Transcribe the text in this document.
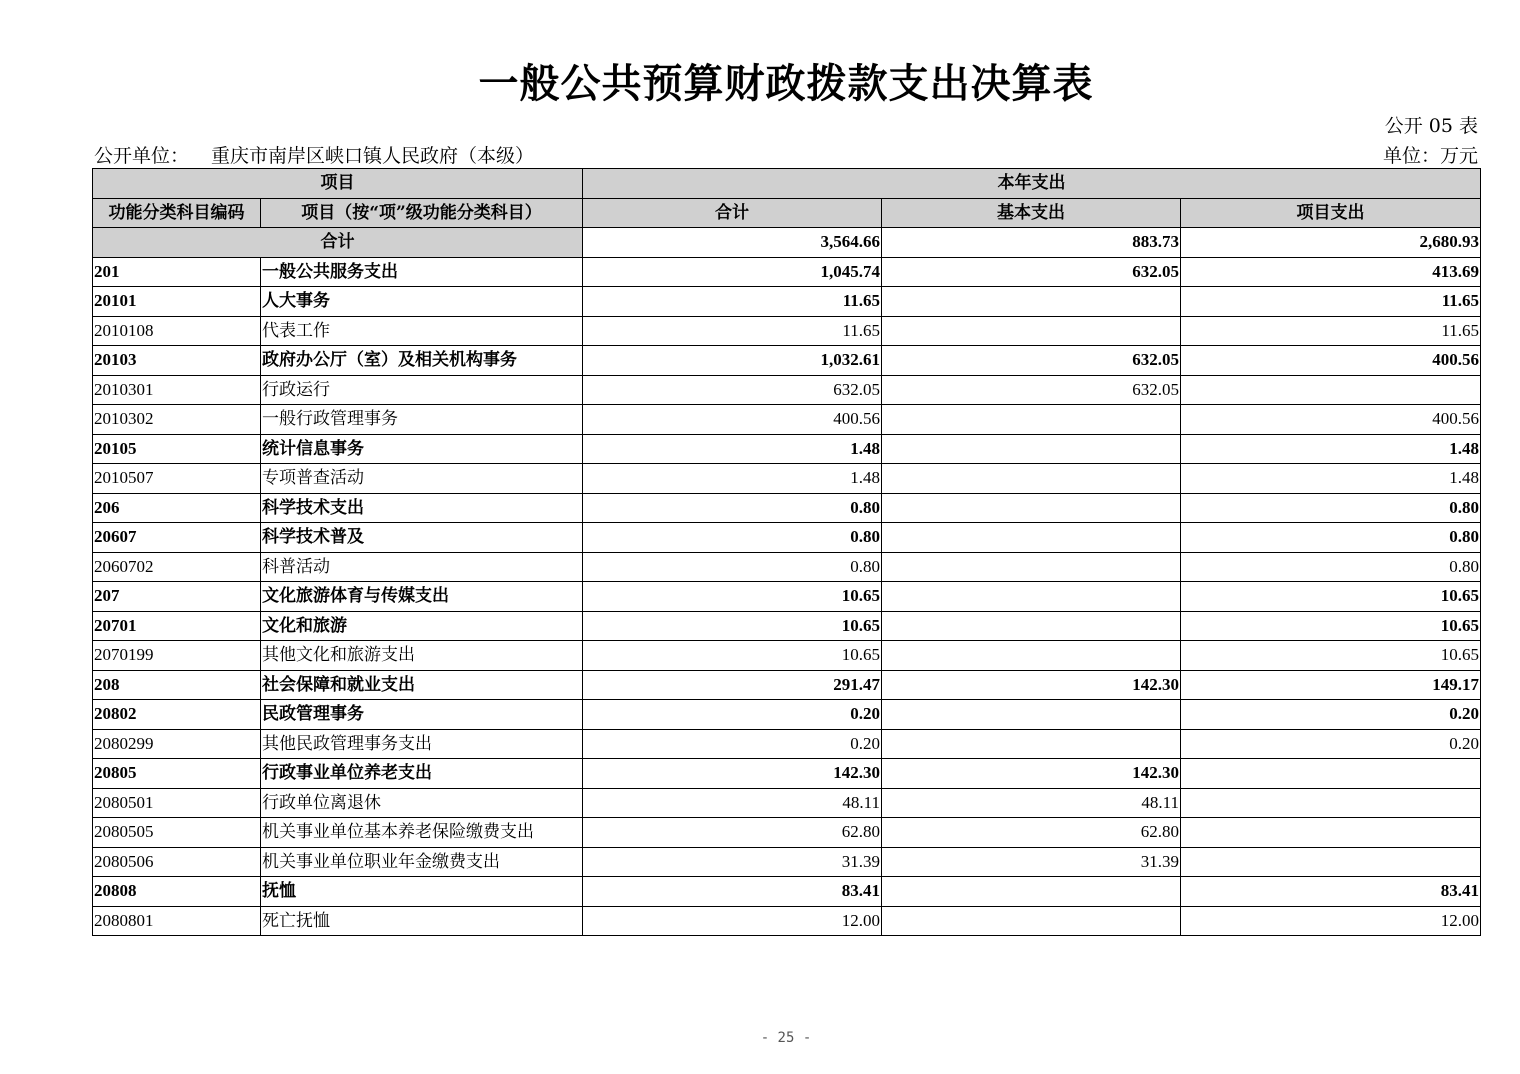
一般公共预算财政拨款支出决算表
公开 05 表
公开单位： 重庆市南岸区峡口镇人民政府（本级）	单位：万元
项目		本年支出		
功能分类科目编码	项目（按“项”级功能分类科目）	合计	基本支出	项目支出
合计		3,564.66	883.73	2,680.93
201	一般公共服务支出	1,045.74	632.05	413.69
20101	人大事务	11.65		11.65
2010108	代表工作	11.65		11.65
20103	政府办公厅（室）及相关机构事务	1,032.61	632.05	400.56
2010301	行政运行	632.05	632.05	
2010302	一般行政管理事务	400.56		400.56
20105	统计信息事务	1.48		1.48
2010507	专项普查活动	1.48		1.48
206	科学技术支出	0.80		0.80
20607	科学技术普及	0.80		0.80
2060702	科普活动	0.80		0.80
207	文化旅游体育与传媒支出	10.65		10.65
20701	文化和旅游	10.65		10.65
2070199	其他文化和旅游支出	10.65		10.65
208	社会保障和就业支出	291.47	142.30	149.17
20802	民政管理事务	0.20		0.20
2080299	其他民政管理事务支出	0.20		0.20
20805	行政事业单位养老支出	142.30	142.30	
2080501	行政单位离退休	48.11	48.11	
2080505	机关事业单位基本养老保险缴费支出	62.80	62.80	
2080506	机关事业单位职业年金缴费支出	31.39	31.39	
20808	抚恤	83.41		83.41
2080801	死亡抚恤	12.00		12.00
- 25 -
